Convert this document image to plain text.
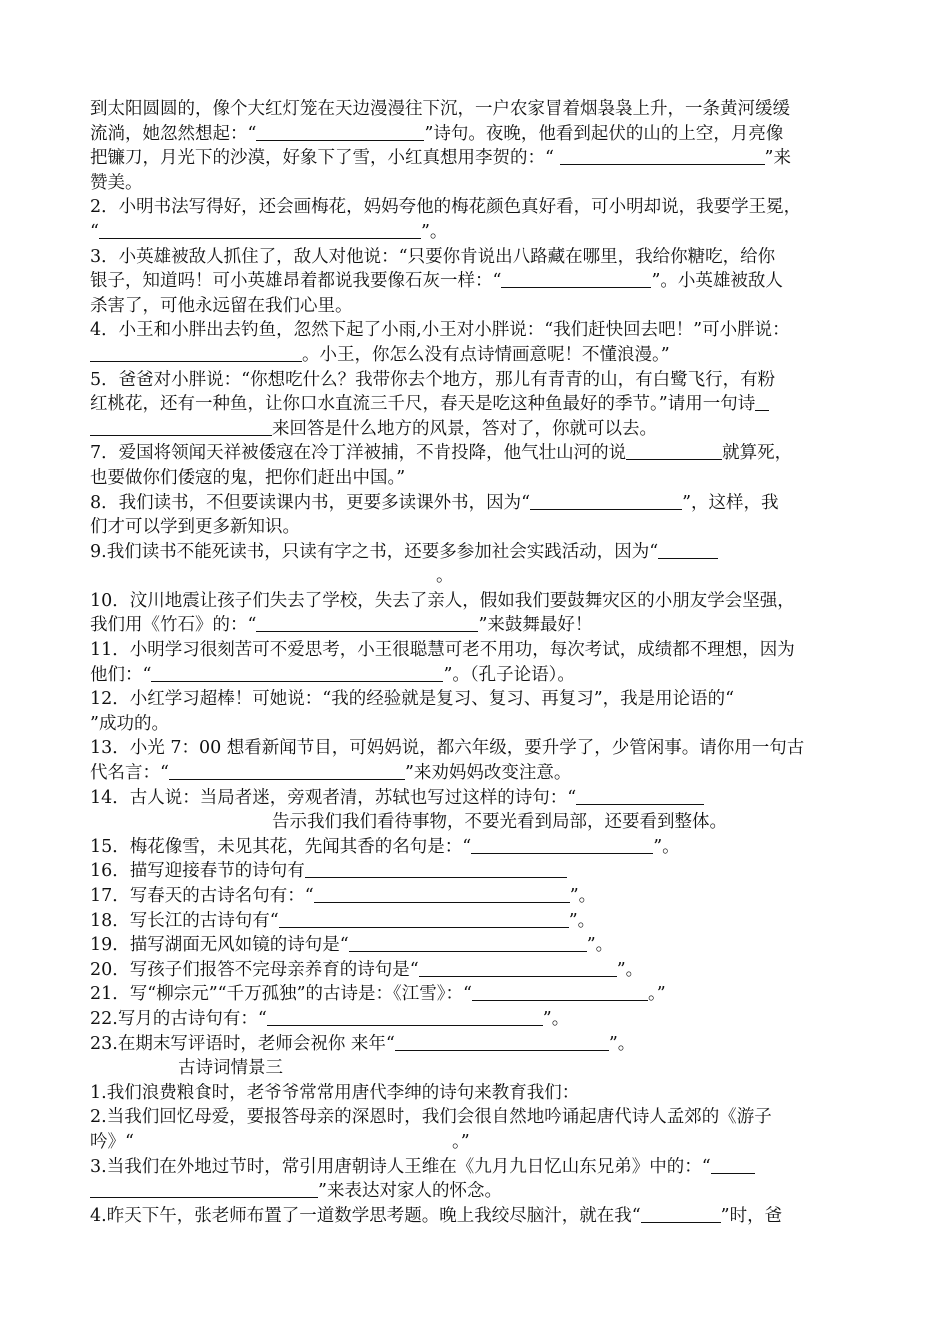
到太阳圆圆的，像个大红灯笼在天边漫漫往下沉，一户农家冒着烟袅袅上升，一条黄河缓缓
流淌，她忽然想起：“	”诗句。夜晚，他看到起伏的山的上空，月亮像
把镰刀，月光下的沙漠，好象下了雪，小红真想用李贺的：“	”来
赞美。
2．小明书法写得好，还会画梅花，妈妈夸他的梅花颜色真好看，可小明却说，我要学王冕，
“	”。
3．小英雄被敌人抓住了，敌人对他说：“只要你肯说出八路藏在哪里，我给你糖吃，给你
银子，知道吗！可小英雄昂着都说我要像石灰一样：“	”。小英雄被敌人
杀害了，可他永远留在我们心里。
4．小王和小胖出去钓鱼，忽然下起了小雨,小王对小胖说：“我们赶快回去吧！”可小胖说：
。小王，你怎么没有点诗情画意呢！不懂浪漫。”
5．爸爸对小胖说：“你想吃什么？我带你去个地方，那儿有青青的山，有白鹭飞行，有粉
红桃花，还有一种鱼，让你口水直流三千尺，春天是吃这种鱼最好的季节。”请用一句诗
来回答是什么地方的风景，答对了，你就可以去。
7．爱国将领闻天祥被倭寇在冷丁洋被捕，不肯投降，他气壮山河的说	就算死，
也要做你们倭寇的鬼，把你们赶出中国。”
8．我们读书，不但要读课内书，更要多读课外书，因为“	”，这样，我
们才可以学到更多新知识。
9.我们读书不能死读书，只读有字之书，还要多参加社会实践活动，因为“
。
10．汶川地震让孩子们失去了学校，失去了亲人，假如我们要鼓舞灾区的小朋友学会坚强，
我们用《竹石》的：“	”来鼓舞最好！
11．小明学习很刻苦可不爱思考，小王很聪慧可老不用功，每次考试，成绩都不理想，因为
他们：“	”。（孔子论语）。
12．小红学习超棒！可她说：“我的经验就是复习、复习、再复习”，我是用论语的“
”成功的。
13．小光 7：00 想看新闻节目，可妈妈说，都六年级，要升学了，少管闲事。请你用一句古
代名言：“	”来劝妈妈改变注意。
14．古人说：当局者迷，旁观者清，苏轼也写过这样的诗句：“
告示我们我们看待事物，不要光看到局部，还要看到整体。
15．梅花像雪，未见其花，先闻其香的名句是：“	”。
16．描写迎接春节的诗句有
17．写春天的古诗名句有：“	”。
18．写长江的古诗句有“	”。
19．描写湖面无风如镜的诗句是“	”。
20．写孩子们报答不完母亲养育的诗句是“	”。
21．写“柳宗元”“千万孤独”的古诗是：《江雪》：“	。”
22.写月的古诗句有：“	”。
23.在期末写评语时，老师会祝你 来年“	”。
古诗词情景三
1.我们浪费粮食时，老爷爷常常用唐代李绅的诗句来教育我们：
2.当我们回忆母爱，要报答母亲的深恩时，我们会很自然地吟诵起唐代诗人孟郊的《游子
吟》“	。”
3.当我们在外地过节时，常引用唐朝诗人王维在《九月九日忆山东兄弟》中的：“
”来表达对家人的怀念。
4.昨天下午，张老师布置了一道数学思考题。晚上我绞尽脑汁，就在我“	”时，爸
